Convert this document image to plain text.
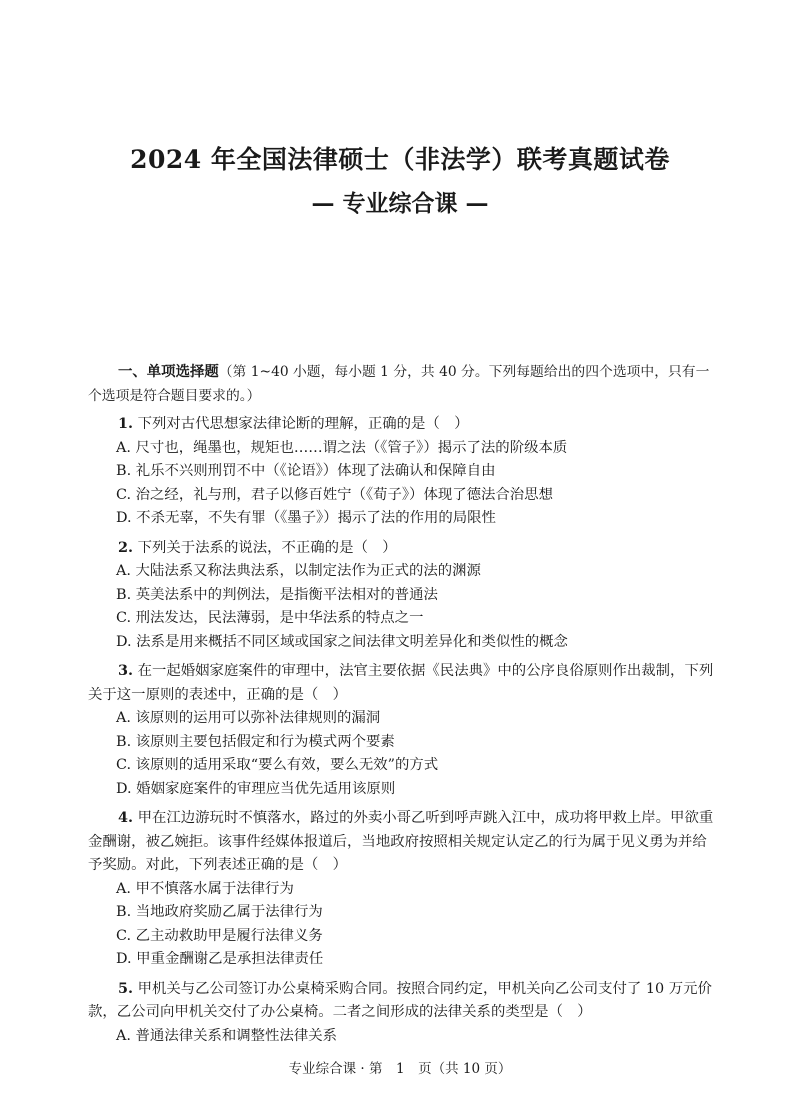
2024 年全国法律硕士（非法学）联考真题试卷
— 专业综合课 —

一、单项选择题（第 1~40 小题，每小题 1 分，共 40 分。下列每题给出的四个选项中，只有一个选项是符合题目要求的。）

1. 下列对古代思想家法律论断的理解，正确的是（　）

A. 尺寸也，绳墨也，规矩也……谓之法（《管子》）揭示了法的阶级本质
B. 礼乐不兴则刑罚不中（《论语》）体现了法确认和保障自由
C. 治之经，礼与刑，君子以修百姓宁（《荀子》）体现了德法合治思想
D. 不杀无辜，不失有罪（《墨子》）揭示了法的作用的局限性

2. 下列关于法系的说法，不正确的是（　）

A. 大陆法系又称法典法系，以制定法作为正式的法的渊源
B. 英美法系中的判例法，是指衡平法相对的普通法
C. 刑法发达，民法薄弱，是中华法系的特点之一
D. 法系是用来概括不同区域或国家之间法律文明差异化和类似性的概念

3. 在一起婚姻家庭案件的审理中，法官主要依据《民法典》中的公序良俗原则作出裁制，下列关于这一原则的表述中，正确的是（　）

A. 该原则的运用可以弥补法律规则的漏洞
B. 该原则主要包括假定和行为模式两个要素
C. 该原则的适用采取“要么有效，要么无效”的方式
D. 婚姻家庭案件的审理应当优先适用该原则

4. 甲在江边游玩时不慎落水，路过的外卖小哥乙听到呼声跳入江中，成功将甲救上岸。甲欲重金酬谢，被乙婉拒。该事件经媒体报道后，当地政府按照相关规定认定乙的行为属于见义勇为并给予奖励。对此，下列表述正确的是（　）

A. 甲不慎落水属于法律行为
B. 当地政府奖励乙属于法律行为
C. 乙主动救助甲是履行法律义务
D. 甲重金酬谢乙是承担法律责任

5. 甲机关与乙公司签订办公桌椅采购合同。按照合同约定，甲机关向乙公司支付了 10 万元价款，乙公司向甲机关交付了办公桌椅。二者之间形成的法律关系的类型是（　）

A. 普通法律关系和调整性法律关系
专业综合课 · 第　1　页（共 10 页）
